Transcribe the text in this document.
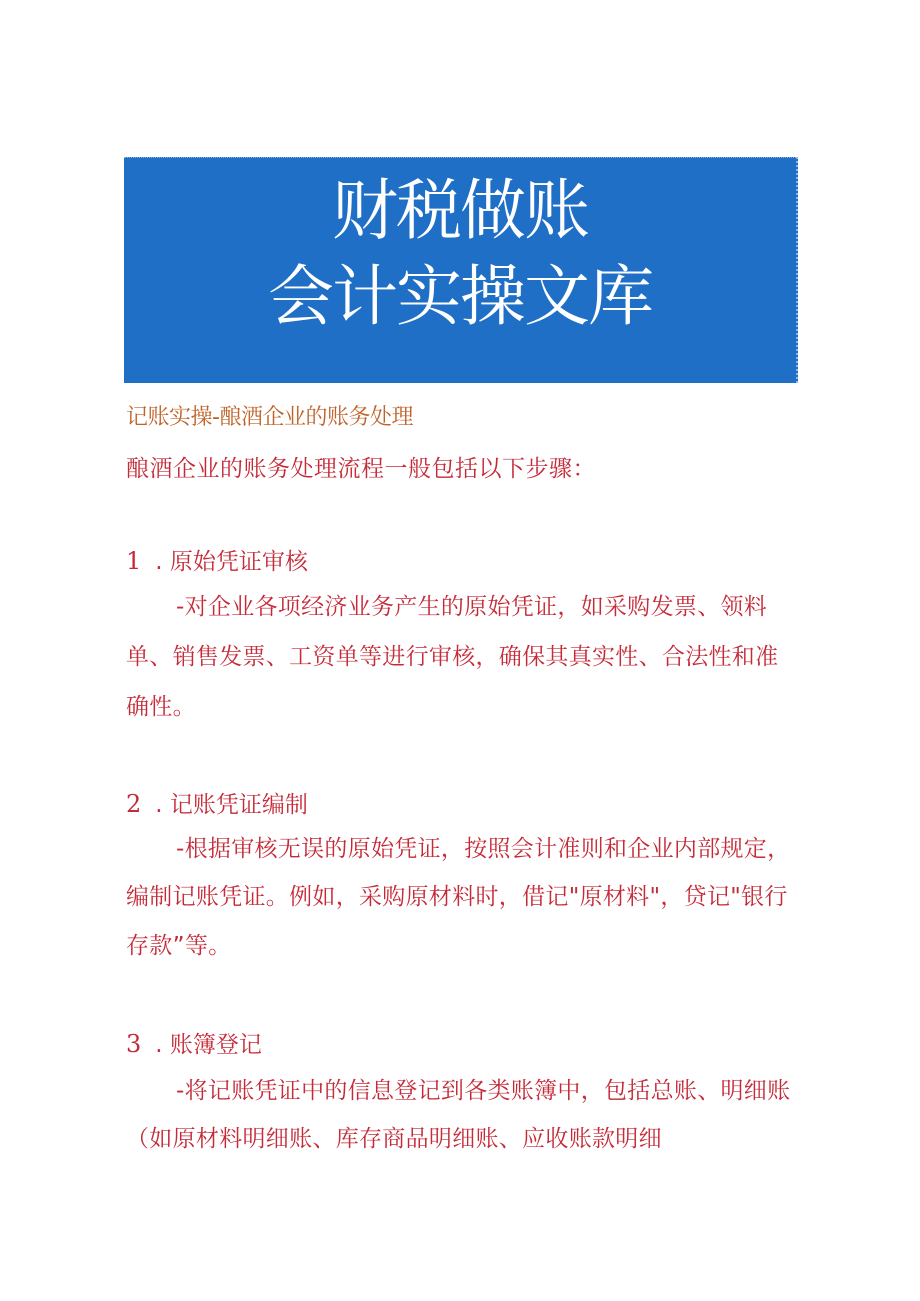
财税做账
会计实操文库
记账实操-酿酒企业的账务处理
酿酒企业的账务处理流程一般包括以下步骤：
1 . 原始凭证审核
-对企业各项经济业务产生的原始凭证，如采购发票、领料
单、销售发票、工资单等进行审核，确保其真实性、合法性和准
确性。
2 . 记账凭证编制
-根据审核无误的原始凭证，按照会计准则和企业内部规定，
编制记账凭证。例如，采购原材料时，借记"原材料"，贷记"银行
存款”等。
3 . 账簿登记
-将记账凭证中的信息登记到各类账簿中，包括总账、明细账
（如原材料明细账、库存商品明细账、应收账款明细
